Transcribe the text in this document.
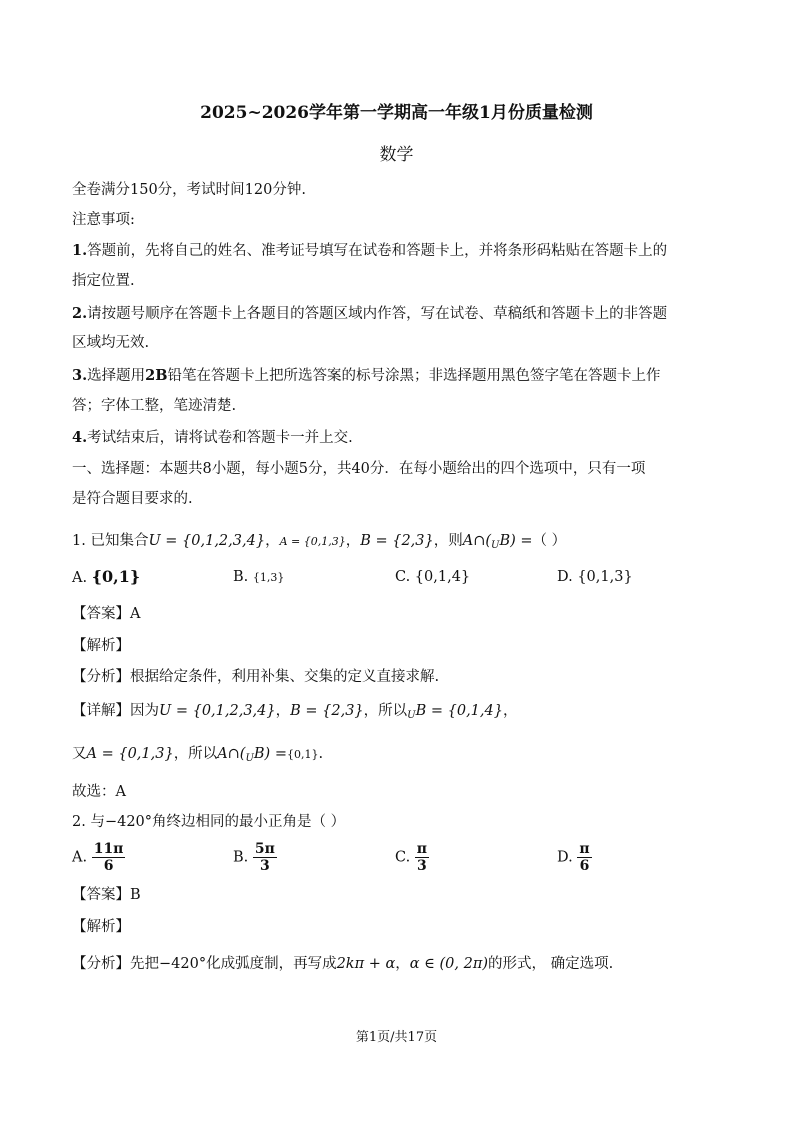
2025~2026学年第一学期高一年级1月份质量检测
数学
全卷满分150分，考试时间120分钟.
注意事项:
1.答题前，先将自己的姓名、准考证号填写在试卷和答题卡上，并将条形码粘贴在答题卡上的
指定位置.
2.请按题号顺序在答题卡上各题目的答题区域内作答，写在试卷、草稿纸和答题卡上的非答题
区域均无效.
3.选择题用2B铅笔在答题卡上把所选答案的标号涂黑；非选择题用黑色签字笔在答题卡上作
答；字体工整，笔迹清楚.
4.考试结束后，请将试卷和答题卡一并上交.
一、选择题：本题共8小题，每小题5分，共40分．在每小题给出的四个选项中，只有一项
是符合题目要求的.
1. 已知集合U = {0,1,2,3,4}，A = {0,1,3}，B = {2,3}，则$A\cap(_UB)$ =（ ）
A. {0,1}	B. {1,3}	C. {0,1,4}	D. {0,1,3}
【答案】A
【解析】
【分析】根据给定条件，利用补集、交集的定义直接求解.
【详解】因为U = {0,1,2,3,4}，B = {2,3}，所以$_U$B = {0,1,4}，
又A = {0,1,3}，所以$A\cap(_UB) =\{0,1\}$.
故选：A
2. 与−420°角终边相同的最小正角是（ ）
A. $\frac{11\pi}{6}$	B. $\frac{5\pi}{3}$	C. $\frac{\pi}{3}$	D. $\frac{\pi}{6}$
【答案】B
【解析】
【分析】先把−420°化成弧度制，再写成2kπ + α，α ∈ (0, 2π)的形式， 确定选项.
第1页/共17页
